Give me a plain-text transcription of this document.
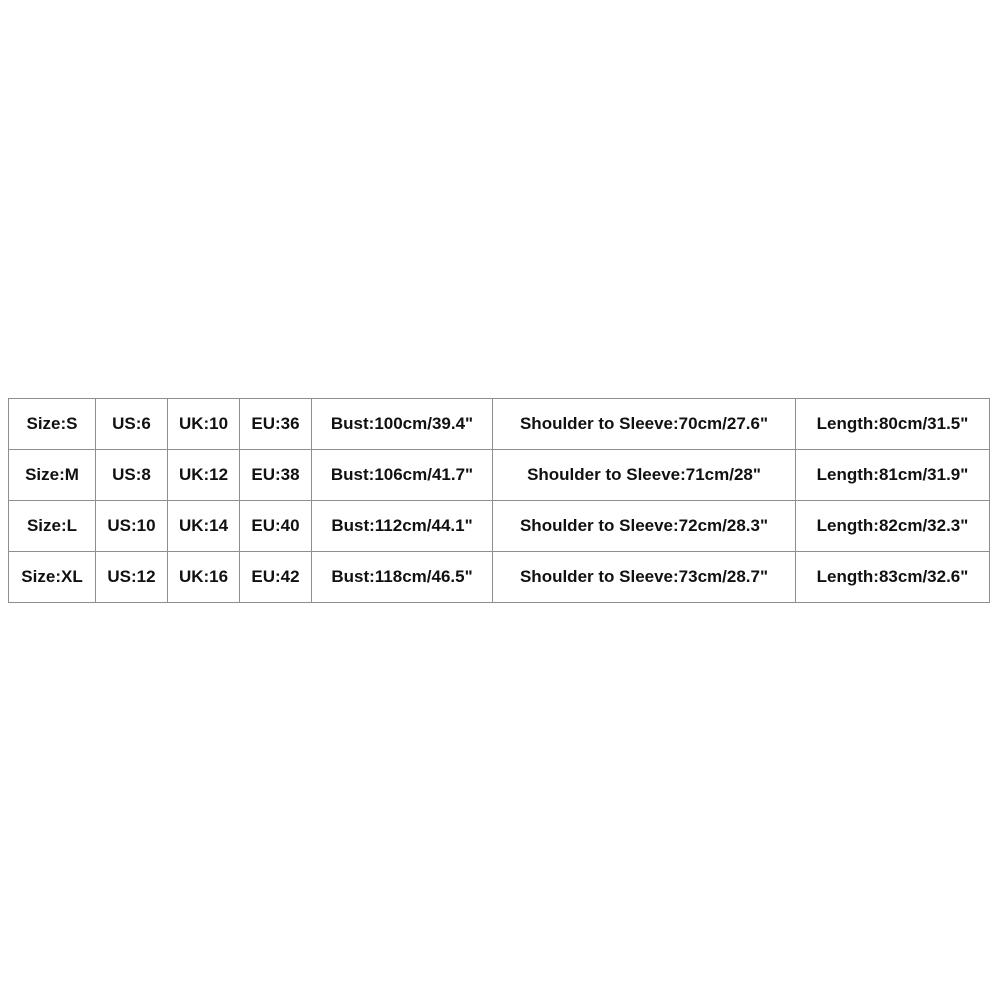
Size:S	US:6	UK:10	EU:36	Bust:100cm/39.4"	Shoulder to Sleeve:70cm/27.6"	Length:80cm/31.5"
Size:M	US:8	UK:12	EU:38	Bust:106cm/41.7"	Shoulder to Sleeve:71cm/28"	Length:81cm/31.9"
Size:L	US:10	UK:14	EU:40	Bust:112cm/44.1"	Shoulder to Sleeve:72cm/28.3"	Length:82cm/32.3"
Size:XL	US:12	UK:16	EU:42	Bust:118cm/46.5"	Shoulder to Sleeve:73cm/28.7"	Length:83cm/32.6"
